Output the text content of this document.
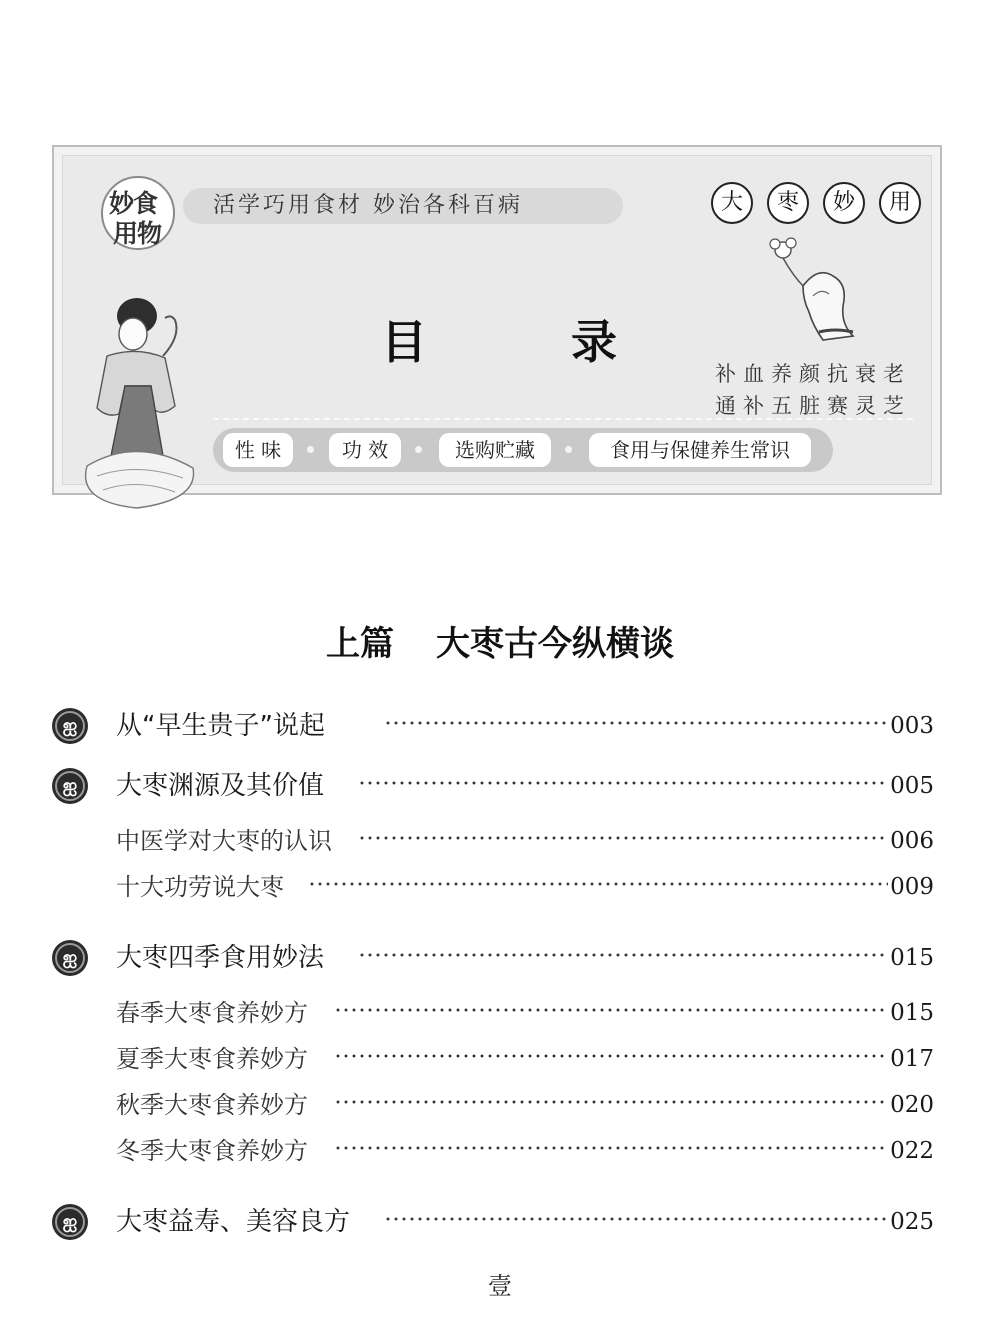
妙食
用物
活学巧用食材 妙治各科百病	大	枣	妙	用
目	录
补血养颜抗衰老
通补五脏赛灵芝
性 味	功 效	选购贮藏	食用与保健养生常识
上篇 大枣古今纵横谈
ஐ	从“早生贵子”说起	003
ஐ	大枣渊源及其价值	005
中医学对大枣的认识	006
十大功劳说大枣	009
ஐ	大枣四季食用妙法	015
春季大枣食养妙方	015
夏季大枣食养妙方	017
秋季大枣食养妙方	020
冬季大枣食养妙方	022
ஐ	大枣益寿、美容良方	025
壹
